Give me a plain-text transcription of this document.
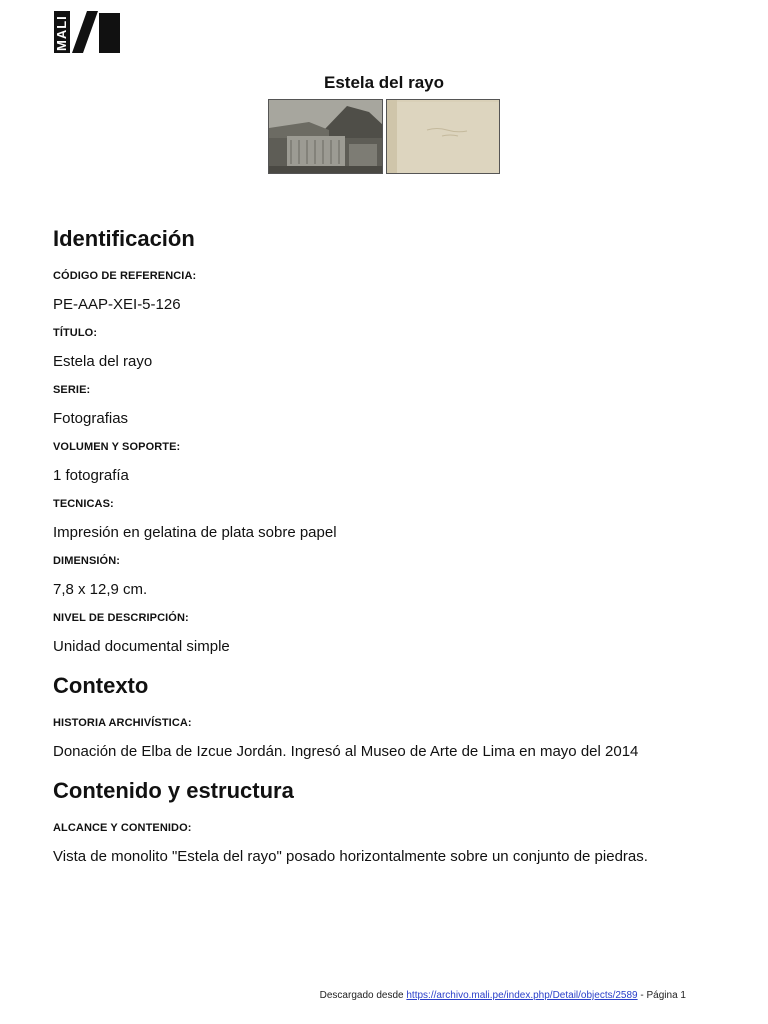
MALI
Estela del rayo
Identificación
CÓDIGO DE REFERENCIA:
PE-AAP-XEI-5-126
TÍTULO:
Estela del rayo
SERIE:
Fotografias
VOLUMEN Y SOPORTE:
1 fotografía
TECNICAS:
Impresión en gelatina de plata sobre papel
DIMENSIÓN:
7,8 x 12,9 cm.
NIVEL DE DESCRIPCIÓN:
Unidad documental simple
Contexto
HISTORIA ARCHIVÍSTICA:
Donación de Elba de Izcue Jordán. Ingresó al Museo de Arte de Lima en mayo del 2014
Contenido y estructura
ALCANCE Y CONTENIDO:
Vista de monolito "Estela del rayo" posado horizontalmente sobre un conjunto de piedras.
Descargado desde https://archivo.mali.pe/index.php/Detail/objects/2589 - Página 1
